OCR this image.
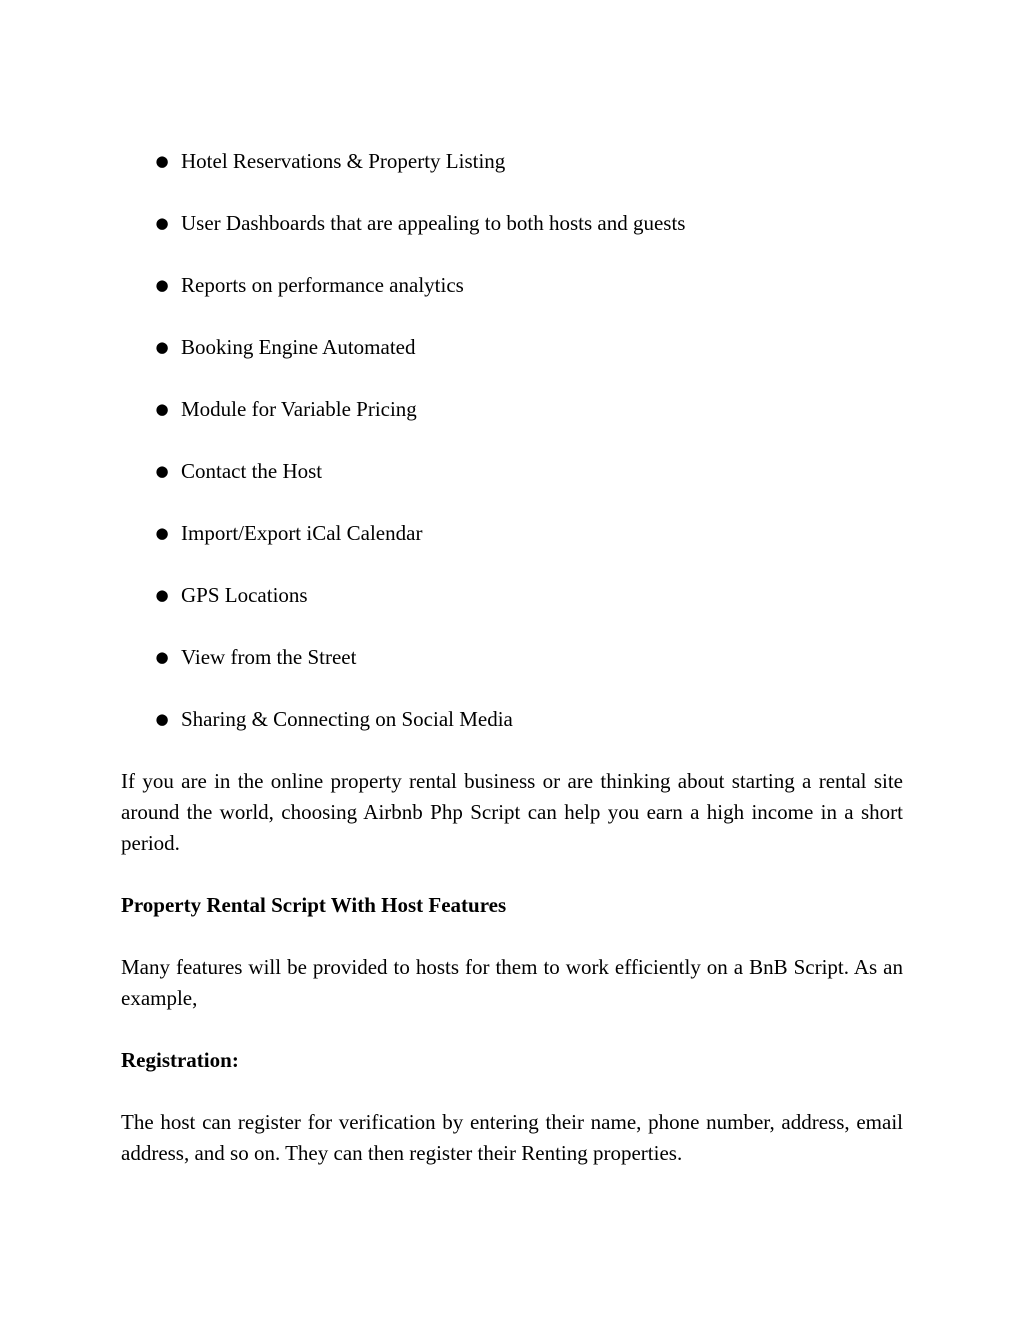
● Hotel Reservations & Property Listing
● User Dashboards that are appealing to both hosts and guests
● Reports on performance analytics
● Booking Engine Automated
● Module for Variable Pricing
● Contact the Host
● Import/Export iCal Calendar
● GPS Locations
● View from the Street
● Sharing & Connecting on Social Media

If you are in the online property rental business or are thinking about starting a rental site around the world, choosing Airbnb Php Script can help you earn a high income in a short period.

Property Rental Script With Host Features

Many features will be provided to hosts for them to work efficiently on a BnB Script. As an example,

Registration:

The host can register for verification by entering their name, phone number, address, email address, and so on. They can then register their Renting properties.
